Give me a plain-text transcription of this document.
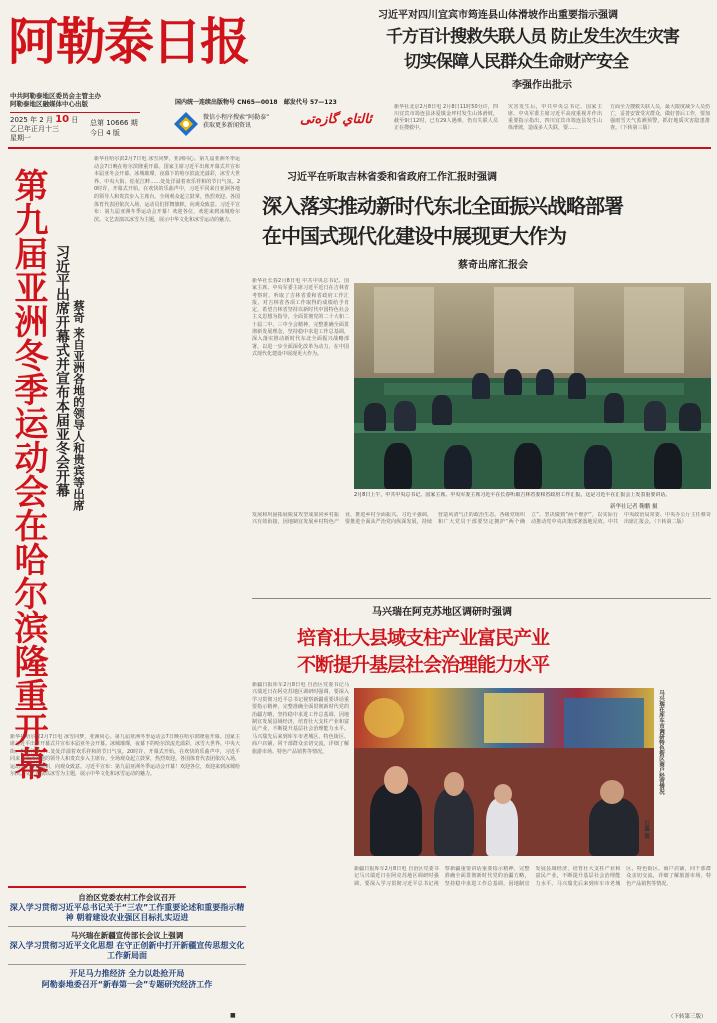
阿勒泰日报
中共阿勒泰地区委员会主管主办
阿勒泰地区融媒体中心出版
2025 年 2 月 10 日
乙巳年正月十三
星期一
总第 10666 期
今日 4 版
国内统一连续出版物号 CN65—0018 邮发代号 57—123
微信小程序搜索“阿勒泰”
获取更多新闻资讯	ئالتاي گازەتى
习近平对四川宜宾市筠连县山体滑坡作出重要指示强调
千方百计搜救失联人员 防止发生次生灾害
切实保障人民群众生命财产安全
李强作出批示
新华社北京2月8日电 2月8日11时50分许，四川宜宾市筠连县沐爱镇金坪村发生山体滑坡，截至9日12时，已有29人遇难，仍有失联人员正在搜救中。
灾害发生后，中共中央总书记、国家主席、中央军委主席习近平高度重视并作出重要指示指出，四川宜宾市筠连县发生山体滑坡，造成多人失联，要……
方面全力搜救失联人员，最大限度减少人员伤亡，妥善安置受灾群众，做好善后工作，要加强雨雪天气监测预警，抓好地质灾害隐患排查。（下转第三版）
第九届亚洲冬季运动会在哈尔滨隆重开幕 习近平出席开幕式并宣布本届亚冬会开幕 蔡奇 来自亚洲各地的领导人和贵宾等出席
新华社哈尔滨2月7日电 冰雪同梦，亚洲同心。第九届亚洲冬季运动会7日晚在哈尔滨隆重开幕。国家主席习近平出席开幕式并宣布本届亚冬会开幕。冰城璀璨，夜幕下的哈尔滨流光溢彩，冰雪大世界、中央大街、松花江畔……处处洋溢着欢乐祥和的节日气氛。20时许，开幕式开始。在欢快的乐曲声中，习近平同来自亚洲各地的领导人和贵宾步入主席台。全场观众起立鼓掌，热烈欢迎。各国体育代表团依次入场，运动员们挥舞旗帜，向观众致意。习近平宣布：第九届亚洲冬季运动会开幕！欢迎各位，欢迎来到冰城哈尔滨。文艺表演以冰雪为主题，展示中华文化和冰雪运动的魅力。
新华社哈尔滨2月7日电 冰雪同梦，亚洲同心。第九届亚洲冬季运动会7日晚在哈尔滨隆重开幕。国家主席习近平出席开幕式并宣布本届亚冬会开幕。冰城璀璨，夜幕下的哈尔滨流光溢彩，冰雪大世界、中央大街、松花江畔……处处洋溢着欢乐祥和的节日气氛。20时许，开幕式开始。在欢快的乐曲声中，习近平同来自亚洲各地的领导人和贵宾步入主席台。全场观众起立鼓掌，热烈欢迎。各国体育代表团依次入场，运动员们挥舞旗帜，向观众致意。习近平宣布：第九届亚洲冬季运动会开幕！欢迎各位，欢迎来到冰城哈尔滨。文艺表演以冰雪为主题，展示中华文化和冰雪运动的魅力。
习近平在听取吉林省委和省政府工作汇报时强调
深入落实推动新时代东北全面振兴战略部署
在中国式现代化建设中展现更大作为
蔡奇出席汇报会
新华社长春2月8日电 中共中央总书记、国家主席、中央军委主席习近平近日在吉林省考察时，听取了吉林省委和省政府工作汇报，对吉林省各项工作取得的成绩给予肯定，希望吉林省坚持以新时代中国特色社会主义思想为指导，全面贯彻党的二十大和二十届二中、三中全会精神，完整准确全面贯彻新发展理念，坚持稳中求进工作总基调，深入落实推动新时代东北全面振兴战略部署，以进一步全面深化改革为动力，在中国式现代化建设中展现更大作为。
2月8日上午，中共中央总书记、国家主席、中央军委主席习近平在长春听取吉林省委和省政府工作汇报。这是习近平在汇报会上发表重要讲话。
新华社记者 鞠鹏 摄
发展和巩固拓展脱贫攻坚成果同乡村振兴有效衔接，因地制宜发展乡村特色产业，推进乡村全面振兴。习近平强调，要推进全面从严治党向纵深发展，持续营造风清气正的政治生态。各级党组织和广大党员干部要坚定拥护“两个确立”、坚决做到“两个维护”，以实际行动推动党中央决策部署落地见效。中共中央政治局常委、中央办公厅主任蔡奇出席汇报会。（下转第二版）
马兴瑞在阿克苏地区调研时强调
培育壮大县域支柱产业富民产业
不断提升基层社会治理能力水平
新疆日报库车2月8日电 自治区党委书记马兴瑞近日在阿克苏地区调研时强调，要深入学习贯彻习近平总书记视察新疆重要讲话重要指示精神，完整准确全面贯彻新时代党的治疆方略，坚持稳中求进工作总基调，因地制宜发展县域经济，培育壮大支柱产业和富民产业，不断提升基层社会治理能力水平。马兴瑞先后来到库车市老城区、特色街区、商户店铺，同干部群众亲切交流，详细了解旅游市场、特色产品销售等情况。	马兴瑞在库车市调研特色街区商户经营情况
石鑫 摄
新疆日报库车2月8日电 自治区党委书记马兴瑞近日在阿克苏地区调研时强调，要深入学习贯彻习近平总书记视察新疆重要讲话重要指示精神，完整准确全面贯彻新时代党的治疆方略，坚持稳中求进工作总基调，因地制宜发展县域经济，培育壮大支柱产业和富民产业，不断提升基层社会治理能力水平。马兴瑞先后来到库车市老城区、特色街区、商户店铺，同干部群众亲切交流，详细了解旅游市场、特色产品销售等情况。
（下转第三版）
自治区党委农村工作会议召开
深入学习贯彻习近平总书记关于“三农”工作重要论述和重要指示精神 朝着建设农业强区目标扎实迈进
马兴瑞在新疆宣传部长会议上强调
深入学习贯彻习近平文化思想 在守正创新中打开新疆宣传思想文化工作新局面
开足马力推经济 全力以赴抢开局
阿勒泰地委召开“新春第一会”专题研究经济工作
■
